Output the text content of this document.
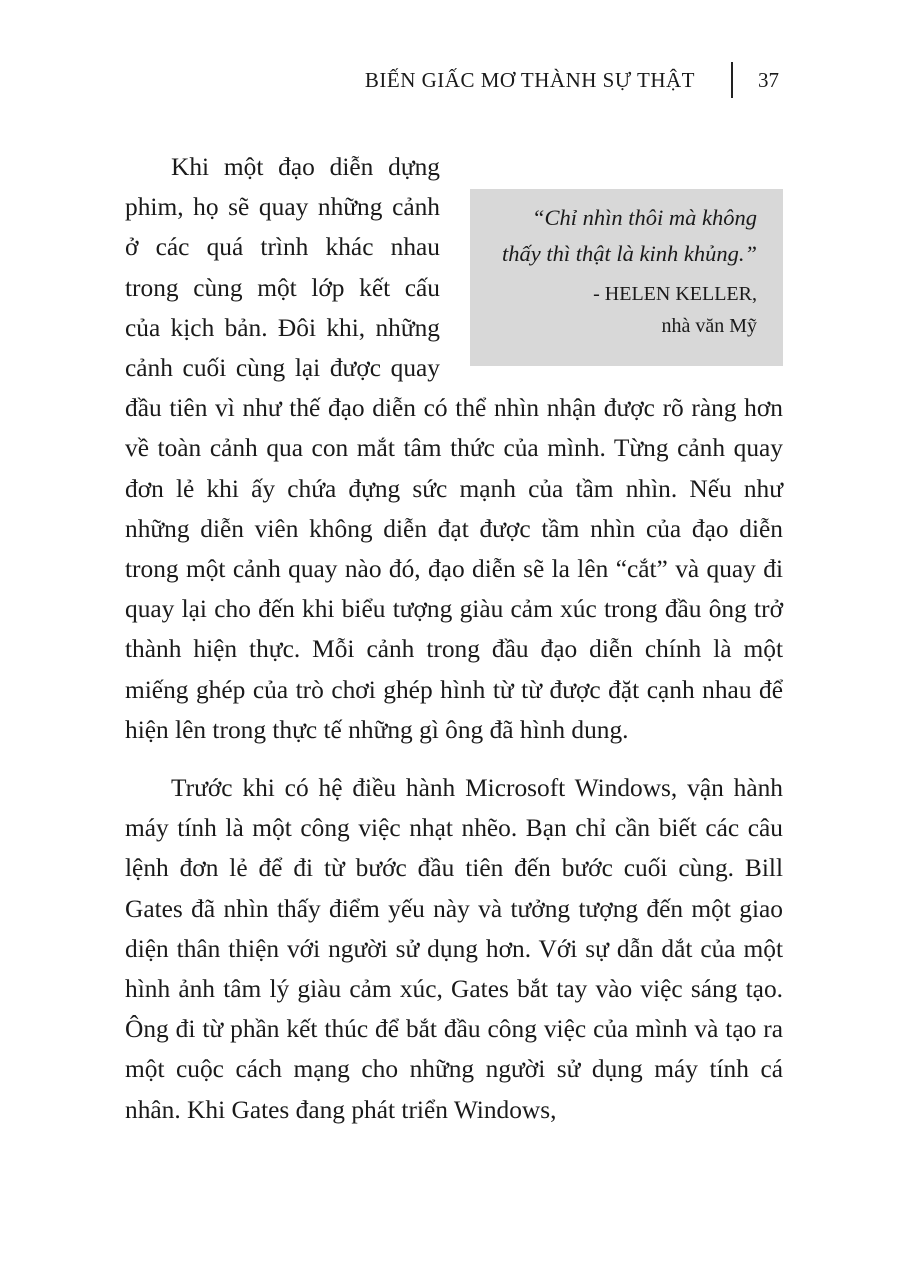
BIẾN GIẤC MƠ THÀNH SỰ THẬT	37
“Chỉ nhìn thôi mà không thấy thì thật là kinh khủng.”
- HELEN KELLER,
nhà văn Mỹ

Khi một đạo diễn dựng phim, họ sẽ quay những cảnh ở các quá trình khác nhau trong cùng một lớp kết cấu của kịch bản. Đôi khi, những cảnh cuối cùng lại được quay đầu tiên vì như thế đạo diễn có thể nhìn nhận được rõ ràng hơn về toàn cảnh qua con mắt tâm thức của mình. Từng cảnh quay đơn lẻ khi ấy chứa đựng sức mạnh của tầm nhìn. Nếu như những diễn viên không diễn đạt được tầm nhìn của đạo diễn trong một cảnh quay nào đó, đạo diễn sẽ la lên “cắt” và quay đi quay lại cho đến khi biểu tượng giàu cảm xúc trong đầu ông trở thành hiện thực. Mỗi cảnh trong đầu đạo diễn chính là một miếng ghép của trò chơi ghép hình từ từ được đặt cạnh nhau để hiện lên trong thực tế những gì ông đã hình dung.

Trước khi có hệ điều hành Microsoft Windows, vận hành máy tính là một công việc nhạt nhẽo. Bạn chỉ cần biết các câu lệnh đơn lẻ để đi từ bước đầu tiên đến bước cuối cùng. Bill Gates đã nhìn thấy điểm yếu này và tưởng tượng đến một giao diện thân thiện với người sử dụng hơn. Với sự dẫn dắt của một hình ảnh tâm lý giàu cảm xúc, Gates bắt tay vào việc sáng tạo. Ông đi từ phần kết thúc để bắt đầu công việc của mình và tạo ra một cuộc cách mạng cho những người sử dụng máy tính cá nhân. Khi Gates đang phát triển Windows,
